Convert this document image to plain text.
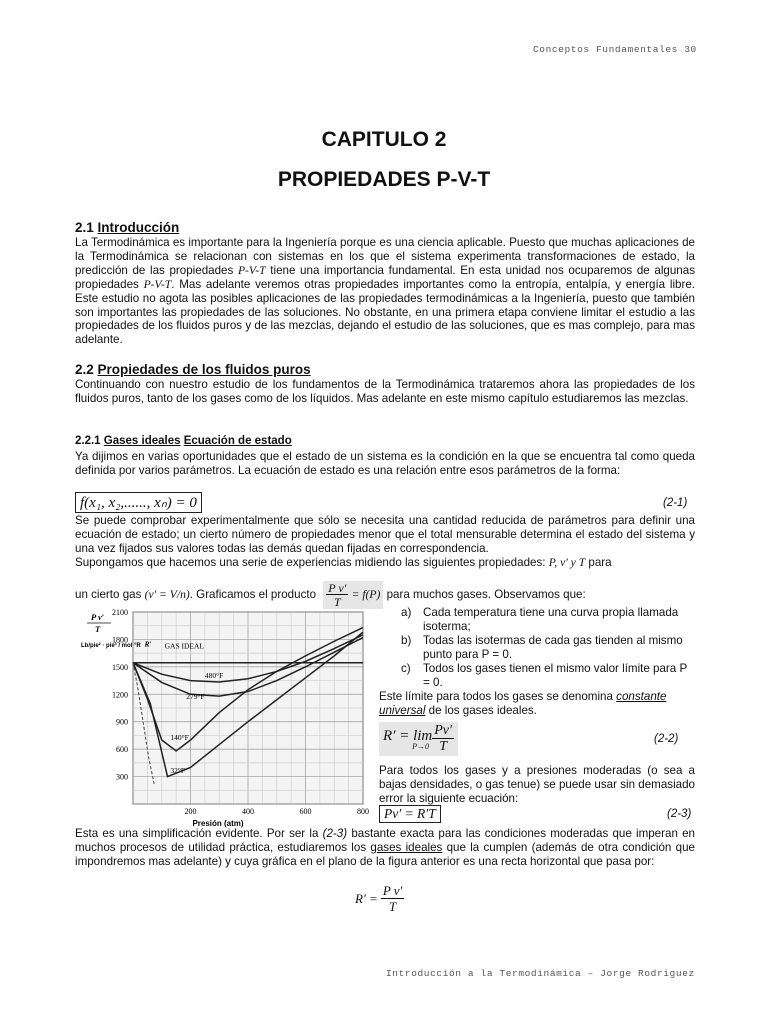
Conceptos Fundamentales 30
CAPITULO 2
PROPIEDADES P-V-T
2.1 Introducción
La Termodinámica es importante para la Ingeniería porque es una ciencia aplicable. Puesto que muchas aplicaciones de la Termodinámica se relacionan con sistemas en los que el sistema experimenta transformaciones de estado, la predicción de las propiedades P-V-T tiene una importancia fundamental. En esta unidad nos ocuparemos de algunas propiedades P-V-T. Mas adelante veremos otras propiedades importantes como la entropía, entalpía, y energía libre. Este estudio no agota las posibles aplicaciones de las propiedades termodinámicas a la Ingeniería, puesto que también son importantes las propiedades de las soluciones. No obstante, en una primera etapa conviene limitar el estudio a las propiedades de los fluidos puros y de las mezclas, dejando el estudio de las soluciones, que es mas complejo, para mas adelante.
2.2 Propiedades de los fluidos puros
Continuando con nuestro estudio de los fundamentos de la Termodinámica trataremos ahora las propiedades de los fluidos puros, tanto de los gases como de los líquidos. Mas adelante en este mismo capítulo estudiaremos las mezclas.
2.2.1 Gases ideales Ecuación de estado
Ya dijimos en varias oportunidades que el estado de un sistema es la condición en la que se encuentra tal como queda definida por varios parámetros. La ecuación de estado es una relación entre esos parámetros de la forma:
f(x₁, x₂,......, xₙ) = 0	(2-1)
Se puede comprobar experimentalmente que sólo se necesita una cantidad reducida de parámetros para definir una ecuación de estado; un cierto número de propiedades menor que el total mensurable determina el estado del sistema y una vez fijados sus valores todas las demás quedan fijadas en correspondencia.
Supongamos que hacemos una serie de experiencias midiendo las siguientes propiedades: P, v′ y T para
un cierto gas (v′ = V/n). Graficamos el producto $\frac{\text{P v′}}{T} = f(P)$ para muchos gases. Observamos que:
200	400	600	800
300
600
900
1200
1500
1800
2100
Presión (atm)
P v′
T
Lb/pie² · pie³ / mol °R R′ GAS IDEAL
480°F
279°F
140°F
32°F
a) Cada temperatura tiene una curva propia llamada isoterma;
b) Todas las isotermas de cada gas tienden al mismo punto para P = 0.
c) Todos los gases tienen el mismo valor límite para P = 0.
Este límite para todos los gases se denomina constante universal de los gases ideales.
R′ = lim
$P\to 0 \frac{Pv'}{T}$	(2-2)
Para todos los gases y a presiones moderadas (o sea a bajas densidades, o gas tenue) se puede usar sin demasiado error la siguiente ecuación:
Pv′ = R′T	(2-3)
Esta es una simplificación evidente. Por ser la (2-3) bastante exacta para las condiciones moderadas que imperan en muchos procesos de utilidad práctica, estudiaremos los gases ideales que la cumplen (además de otra condición que impondremos mas adelante) y cuya gráfica en el plano de la figura anterior es una recta horizontal que pasa por:
$R' = \frac{\text{P v′}}{T}$
Introducción a la Termodinámica – Jorge Rodriguez
